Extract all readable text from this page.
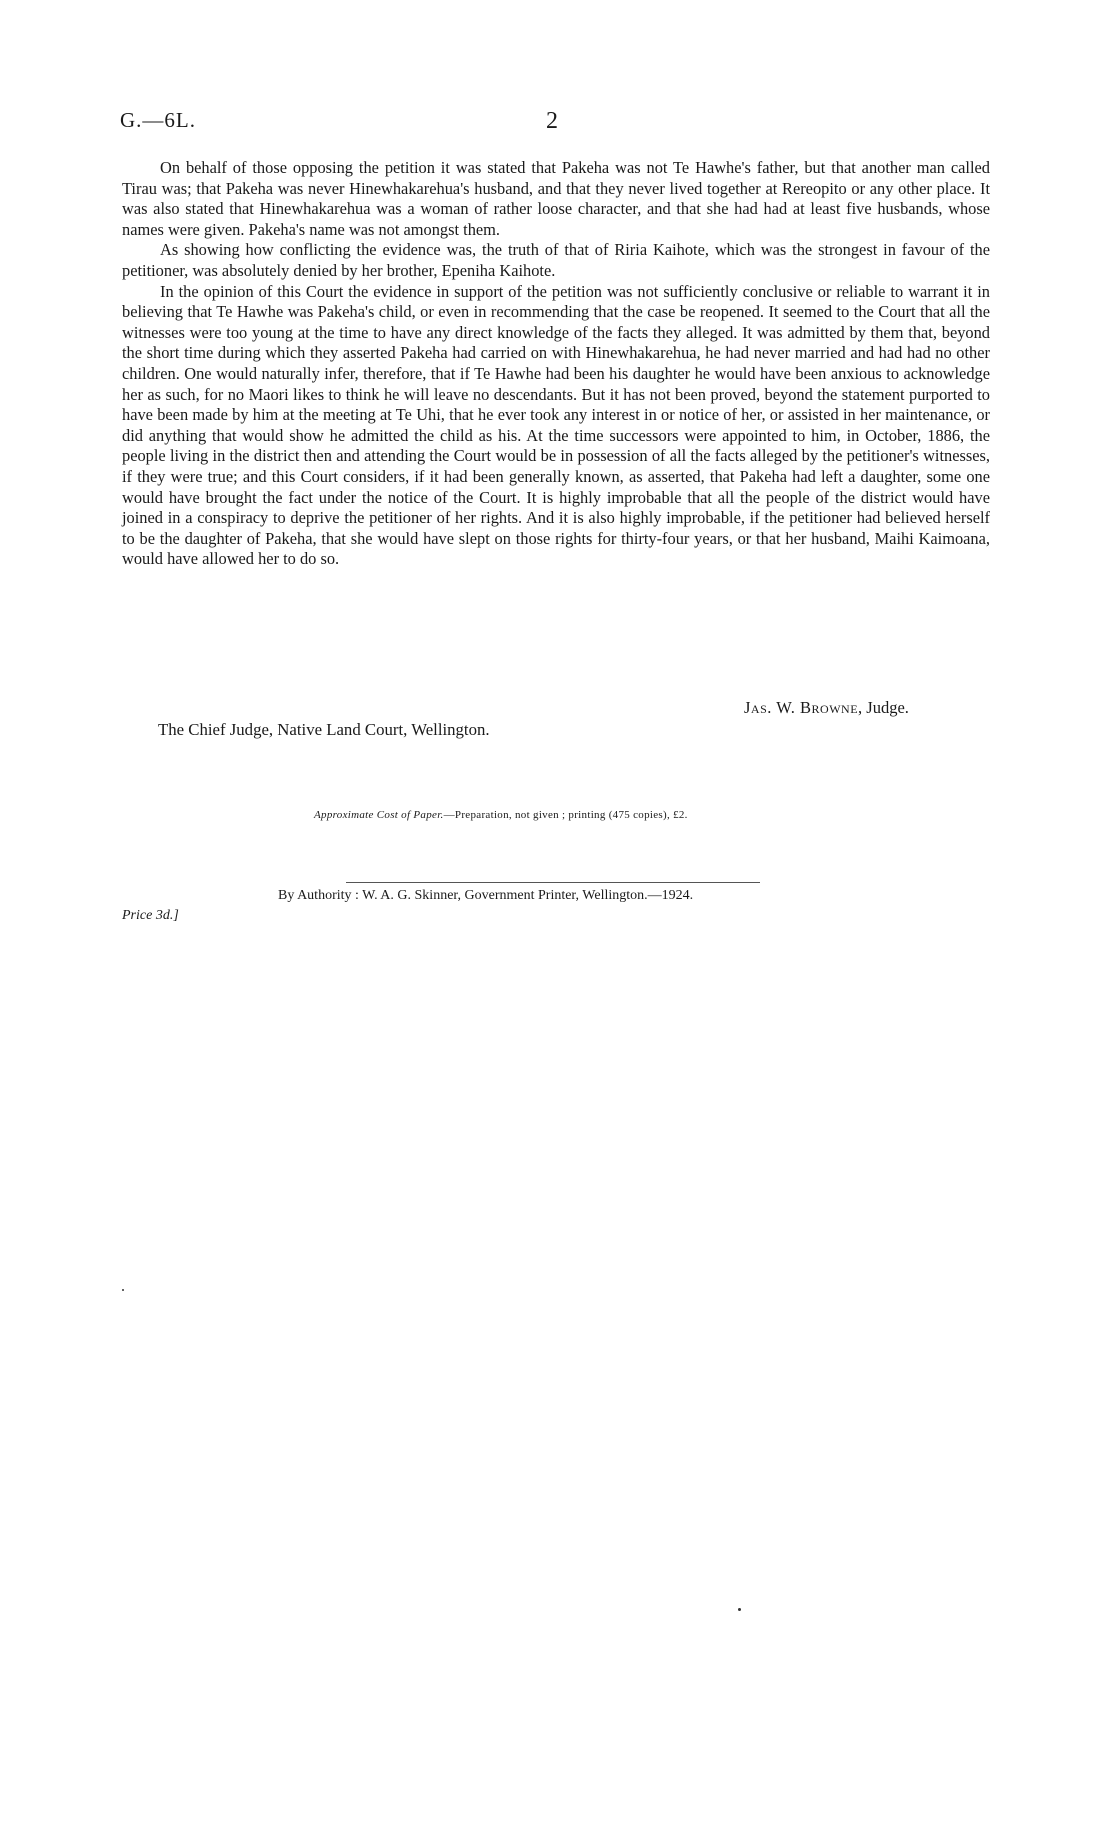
G.—6L.	2

On behalf of those opposing the petition it was stated that Pakeha was not Te Hawhe's father, but that another man called Tirau was; that Pakeha was never Hinewhakarehua's husband, and that they never lived together at Rereopito or any other place. It was also stated that Hinewhakarehua was a woman of rather loose character, and that she had had at least five husbands, whose names were given. Pakeha's name was not amongst them.

As showing how conflicting the evidence was, the truth of that of Riria Kaihote, which was the strongest in favour of the petitioner, was absolutely denied by her brother, Epeniha Kaihote.

In the opinion of this Court the evidence in support of the petition was not sufficiently conclusive or reliable to warrant it in believing that Te Hawhe was Pakeha's child, or even in recommending that the case be reopened. It seemed to the Court that all the witnesses were too young at the time to have any direct knowledge of the facts they alleged. It was admitted by them that, beyond the short time during which they asserted Pakeha had carried on with Hinewhakarehua, he had never married and had had no other children. One would naturally infer, therefore, that if Te Hawhe had been his daughter he would have been anxious to acknowledge her as such, for no Maori likes to think he will leave no descendants. But it has not been proved, beyond the statement purported to have been made by him at the meeting at Te Uhi, that he ever took any interest in or notice of her, or assisted in her maintenance, or did anything that would show he admitted the child as his. At the time successors were appointed to him, in October, 1886, the people living in the district then and attending the Court would be in possession of all the facts alleged by the petitioner's witnesses, if they were true; and this Court considers, if it had been generally known, as asserted, that Pakeha had left a daughter, some one would have brought the fact under the notice of the Court. It is highly improbable that all the people of the district would have joined in a conspiracy to deprive the petitioner of her rights. And it is also highly improbable, if the petitioner had believed herself to be the daughter of Pakeha, that she would have slept on those rights for thirty-four years, or that her husband, Maihi Kaimoana, would have allowed her to do so.

Jas. W. Browne, Judge.
The Chief Judge, Native Land Court, Wellington.
Approximate Cost of Paper.—Preparation, not given ; printing (475 copies), £2.
By Authority : W. A. G. Skinner, Government Printer, Wellington.—1924.
Price 3d.]
